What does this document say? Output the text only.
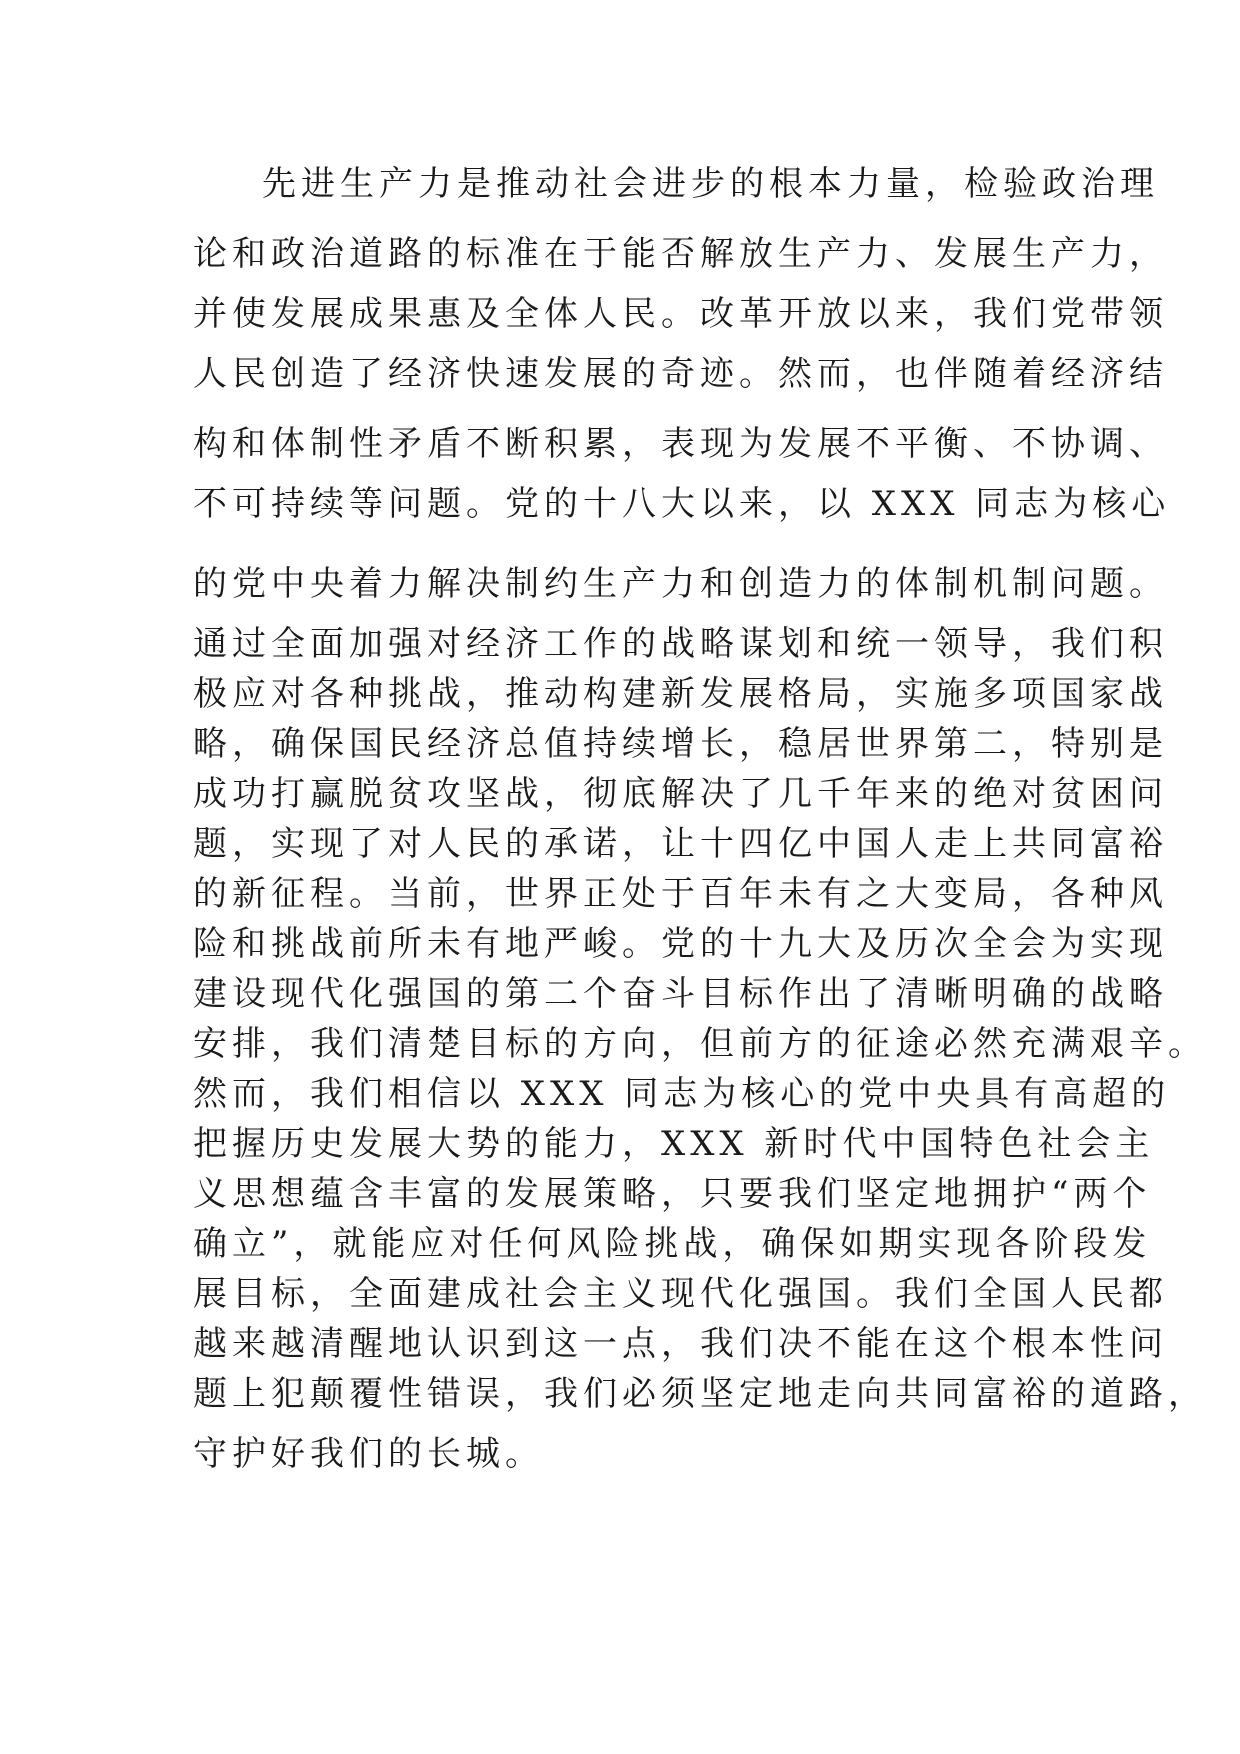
先进生产力是推动社会进步的根本力量，检验政治理

论和政治道路的标准在于能否解放生产力、发展生产力，

并使发展成果惠及全体人民。改革开放以来，我们党带领

人民创造了经济快速发展的奇迹。然而，也伴随着经济结

构和体制性矛盾不断积累，表现为发展不平衡、不协调、

不可持续等问题。党的十八大以来，以 XXX 同志为核心

的党中央着力解决制约生产力和创造力的体制机制问题。

通过全面加强对经济工作的战略谋划和统一领导，我们积

极应对各种挑战，推动构建新发展格局，实施多项国家战

略，确保国民经济总值持续增长，稳居世界第二，特别是

成功打赢脱贫攻坚战，彻底解决了几千年来的绝对贫困问

题，实现了对人民的承诺，让十四亿中国人走上共同富裕

的新征程。当前，世界正处于百年未有之大变局，各种风

险和挑战前所未有地严峻。党的十九大及历次全会为实现

建设现代化强国的第二个奋斗目标作出了清晰明确的战略

安排，我们清楚目标的方向，但前方的征途必然充满艰辛。

然而，我们相信以 XXX 同志为核心的党中央具有高超的

把握历史发展大势的能力，XXX 新时代中国特色社会主

义思想蕴含丰富的发展策略，只要我们坚定地拥护“两个

确立”，就能应对任何风险挑战，确保如期实现各阶段发

展目标，全面建成社会主义现代化强国。我们全国人民都

越来越清醒地认识到这一点，我们决不能在这个根本性问

题上犯颠覆性错误，我们必须坚定地走向共同富裕的道路，

守护好我们的长城。
